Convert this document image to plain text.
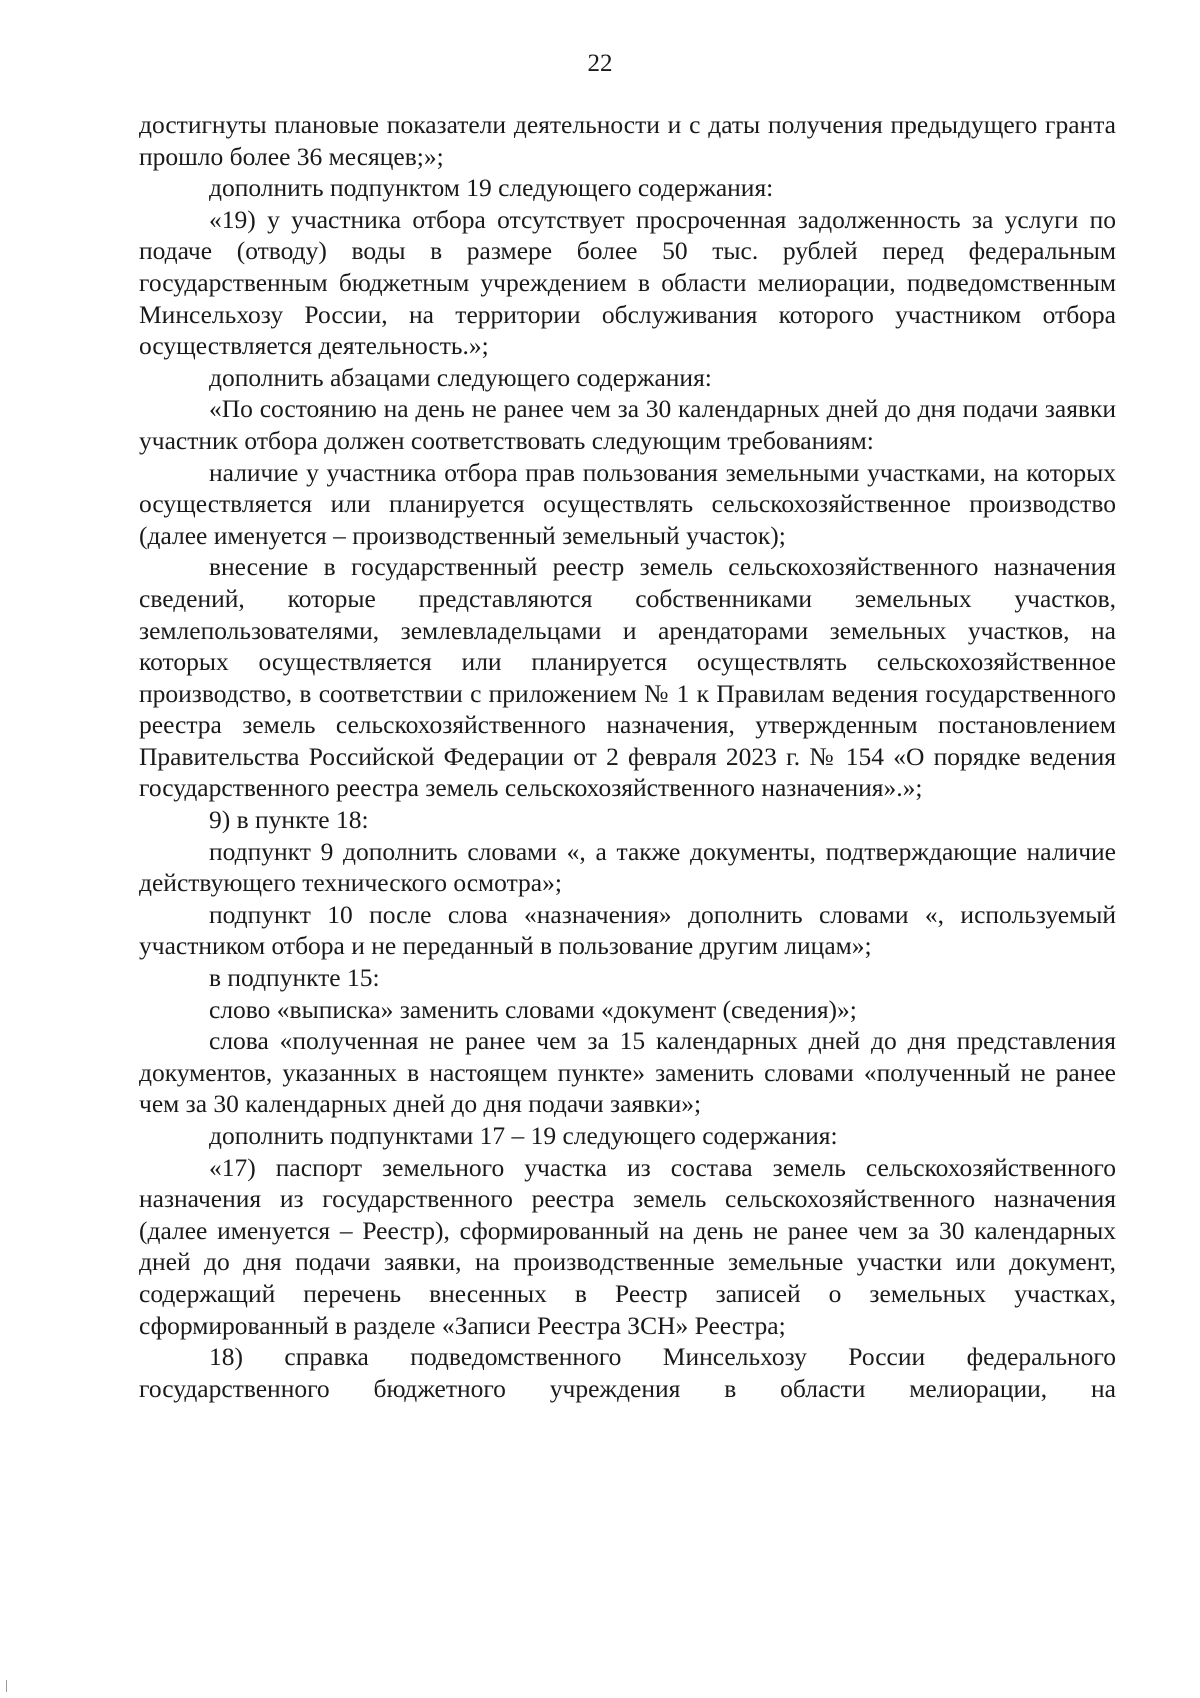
22

достигнуты плановые показатели деятельности и с даты получения предыдущего гранта прошло более 36 месяцев;»;

дополнить подпунктом 19 следующего содержания:

«19) у участника отбора отсутствует просроченная задолженность за услуги по подаче (отводу) воды в размере более 50 тыс. рублей перед федеральным государственным бюджетным учреждением в области мелиорации, подведомственным Минсельхозу России, на территории обслуживания которого участником отбора осуществляется деятельность.»;

дополнить абзацами следующего содержания:

«По состоянию на день не ранее чем за 30 календарных дней до дня подачи заявки участник отбора должен соответствовать следующим требованиям:

наличие у участника отбора прав пользования земельными участками, на которых осуществляется или планируется осуществлять сельскохозяйственное производство (далее именуется – производственный земельный участок);

внесение в государственный реестр земель сельскохозяйственного назначения сведений, которые представляются собственниками земельных участков, землепользователями, землевладельцами и арендаторами земельных участков, на которых осуществляется или планируется осуществлять сельскохозяйственное производство, в соответствии с приложением № 1 к Правилам ведения государственного реестра земель сельскохозяйственного назначения, утвержденным постановлением Правительства Российской Федерации от 2 февраля 2023 г. № 154 «О порядке ведения государственного реестра земель сельскохозяйственного назначения».»;

9) в пункте 18:

подпункт 9 дополнить словами «, а также документы, подтверждающие наличие действующего технического осмотра»;

подпункт 10 после слова «назначения» дополнить словами «, используемый участником отбора и не переданный в пользование другим лицам»;

в подпункте 15:

слово «выписка» заменить словами «документ (сведения)»;

слова «полученная не ранее чем за 15 календарных дней до дня представления документов, указанных в настоящем пункте» заменить словами «полученный не ранее чем за 30 календарных дней до дня подачи заявки»;

дополнить подпунктами 17 – 19 следующего содержания:

«17) паспорт земельного участка из состава земель сельскохозяйственного назначения из государственного реестра земель сельскохозяйственного назначения (далее именуется – Реестр), сформированный на день не ранее чем за 30 календарных дней до дня подачи заявки, на производственные земельные участки или документ, содержащий перечень внесенных в Реестр записей о земельных участках, сформированный в разделе «Записи Реестра ЗСН» Реестра;

18) справка подведомственного Минсельхозу России федерального государственного бюджетного учреждения в области мелиорации, на
